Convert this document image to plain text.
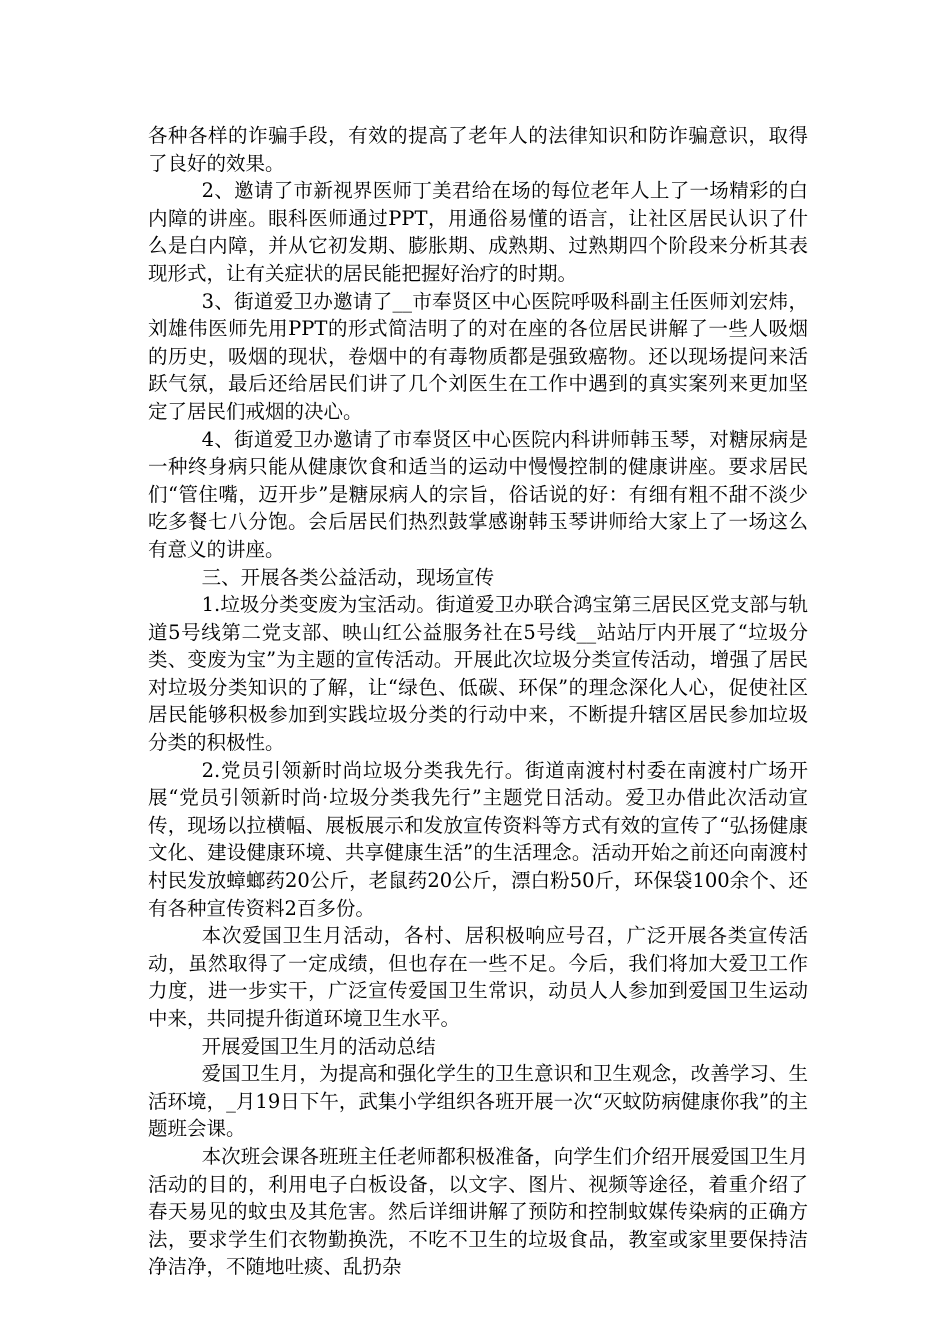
各种各样的诈骗手段，有效的提高了老年人的法律知识和防诈骗意识，取得了良好的效果。

2、邀请了市新视界医师丁美君给在场的每位老年人上了一场精彩的白内障的讲座。眼科医师通过PPT，用通俗易懂的语言，让社区居民认识了什么是白内障，并从它初发期、膨胀期、成熟期、过熟期四个阶段来分析其表现形式，让有关症状的居民能把握好治疗的时期。

3、街道爱卫办邀请了__市奉贤区中心医院呼吸科副主任医师刘宏炜，刘雄伟医师先用PPT的形式简洁明了的对在座的各位居民讲解了一些人吸烟的历史，吸烟的现状，卷烟中的有毒物质都是强致癌物。还以现场提问来活跃气氛，最后还给居民们讲了几个刘医生在工作中遇到的真实案列来更加坚定了居民们戒烟的决心。

4、街道爱卫办邀请了市奉贤区中心医院内科讲师韩玉琴，对糖尿病是一种终身病只能从健康饮食和适当的运动中慢慢控制的健康讲座。要求居民们“管住嘴，迈开步”是糖尿病人的宗旨，俗话说的好：有细有粗不甜不淡少吃多餐七八分饱。会后居民们热烈鼓掌感谢韩玉琴讲师给大家上了一场这么有意义的讲座。

三、开展各类公益活动，现场宣传

1.垃圾分类变废为宝活动。街道爱卫办联合鸿宝第三居民区党支部与轨道5号线第二党支部、映山红公益服务社在5号线__站站厅内开展了“垃圾分类、变废为宝”为主题的宣传活动。开展此次垃圾分类宣传活动，增强了居民对垃圾分类知识的了解，让“绿色、低碳、环保”的理念深化人心，促使社区居民能够积极参加到实践垃圾分类的行动中来，不断提升辖区居民参加垃圾分类的积极性。

2.党员引领新时尚垃圾分类我先行。街道南渡村村委在南渡村广场开展“党员引领新时尚·垃圾分类我先行”主题党日活动。爱卫办借此次活动宣传，现场以拉横幅、展板展示和发放宣传资料等方式有效的宣传了“弘扬健康文化、建设健康环境、共享健康生活”的生活理念。活动开始之前还向南渡村村民发放蟑螂药20公斤，老鼠药20公斤，漂白粉50斤，环保袋100余个、还有各种宣传资料2百多份。

本次爱国卫生月活动，各村、居积极响应号召，广泛开展各类宣传活动，虽然取得了一定成绩，但也存在一些不足。今后，我们将加大爱卫工作力度，进一步实干，广泛宣传爱国卫生常识，动员人人参加到爱国卫生运动中来，共同提升街道环境卫生水平。

开展爱国卫生月的活动总结

爱国卫生月，为提高和强化学生的卫生意识和卫生观念，改善学习、生活环境，_月19日下午，武集小学组织各班开展一次“灭蚊防病健康你我”的主题班会课。

本次班会课各班班主任老师都积极准备，向学生们介绍开展爱国卫生月活动的目的，利用电子白板设备，以文字、图片、视频等途径，着重介绍了春天易见的蚊虫及其危害。然后详细讲解了预防和控制蚊媒传染病的正确方法，要求学生们衣物勤换洗，不吃不卫生的垃圾食品，教室或家里要保持洁净洁净，不随地吐痰、乱扔杂
